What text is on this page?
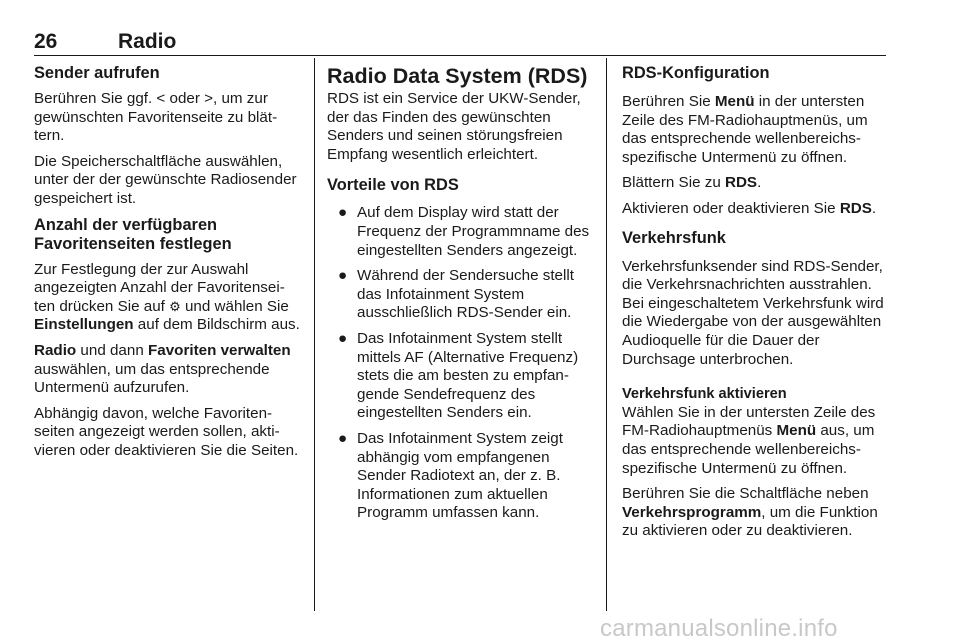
26	Radio
Sender aufrufen

Berühren Sie ggf. < oder >, um zur gewünschten Favoritenseite zu blättern.

Die Speicherschaltfläche auswählen, unter der der gewünschte Radiosender gespeichert ist.

Anzahl der verfügbaren Favoritenseiten festlegen

Zur Festlegung der zur Auswahl angezeigten Anzahl der Favoritenseiten drücken Sie auf ⚙ und wählen Sie Einstellungen auf dem Bildschirm aus.

Radio und dann Favoriten verwalten auswählen, um das entsprechende Untermenü aufzurufen.

Abhängig davon, welche Favoritenseiten angezeigt werden sollen, aktivieren oder deaktivieren Sie die Seiten.

Radio Data System (RDS)

RDS ist ein Service der UKW-Sender, der das Finden des gewünschten Senders und seinen störungsfreien Empfang wesentlich erleichtert.

Vorteile von RDS
● Auf dem Display wird statt der Frequenz der Programmname des eingestellten Senders angezeigt.
● Während der Sendersuche stellt das Infotainment System ausschließlich RDS-Sender ein.
● Das Infotainment System stellt mittels AF (Alternative Frequenz) stets die am besten zu empfangende Sendefrequenz des eingestellten Senders ein.
● Das Infotainment System zeigt abhängig vom empfangenen Sender Radiotext an, der z. B. Informationen zum aktuellen Programm umfassen kann.
RDS-Konfiguration

Berühren Sie Menü in der untersten Zeile des FM-Radiohauptmenüs, um das entsprechende wellenbereichsspezifische Untermenü zu öffnen.

Blättern Sie zu RDS.

Aktivieren oder deaktivieren Sie RDS.

Verkehrsfunk

Verkehrsfunksender sind RDS-Sender, die Verkehrsnachrichten ausstrahlen. Bei eingeschaltetem Verkehrsfunk wird die Wiedergabe von der ausgewählten Audioquelle für die Dauer der Durchsage unterbrochen.

Verkehrsfunk aktivieren

Wählen Sie in der untersten Zeile des FM-Radiohauptmenüs Menü aus, um das entsprechende wellenbereichsspezifische Untermenü zu öffnen.

Berühren Sie die Schaltfläche neben Verkehrsprogramm, um die Funktion zu aktivieren oder zu deaktivieren.

carmanualsonline.info
